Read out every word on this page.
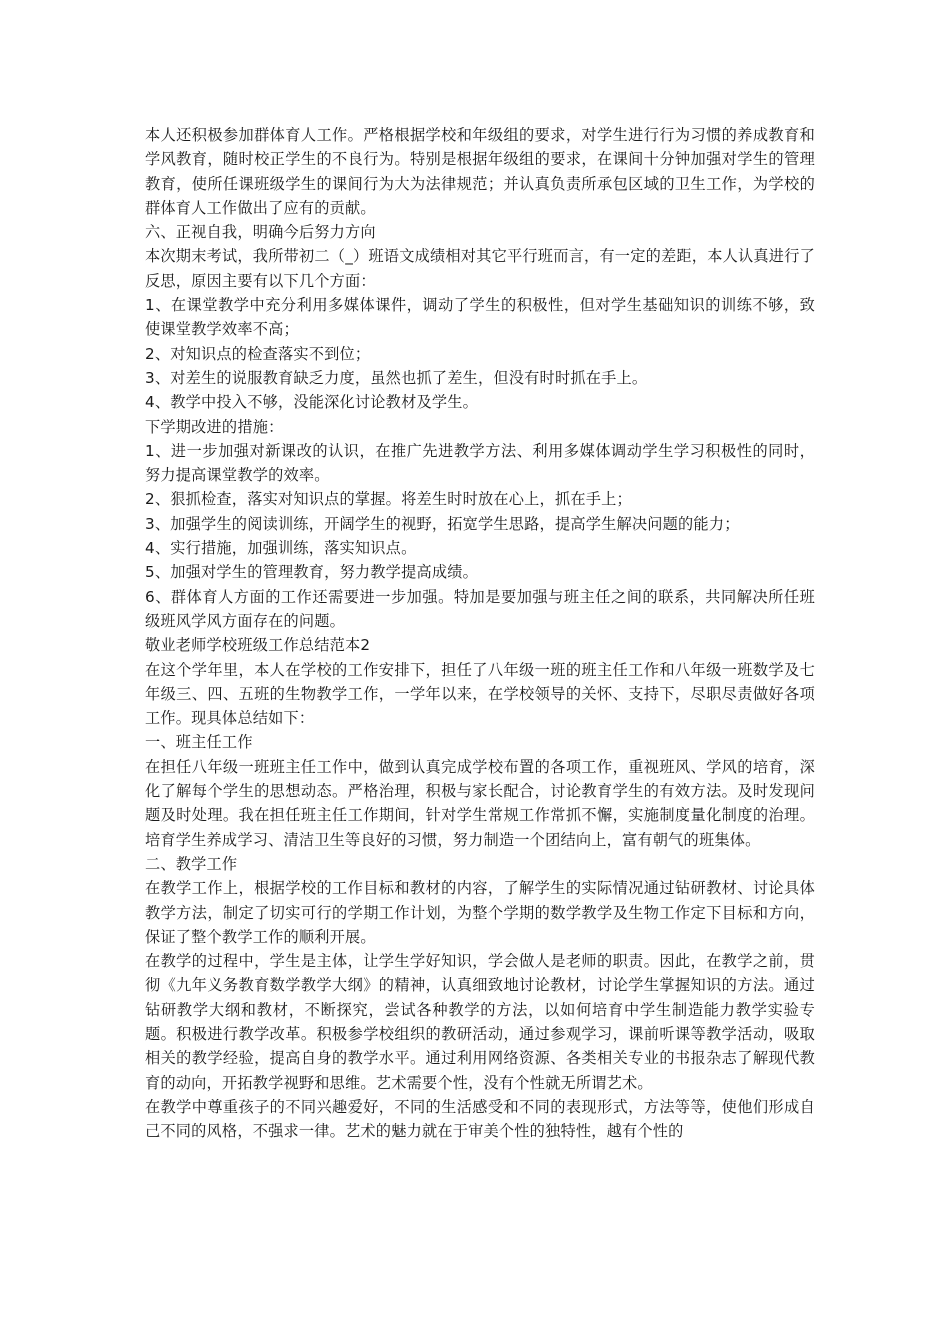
本人还积极参加群体育人工作。严格根据学校和年级组的要求，对学生进行行为习惯的养成教育和学风教育，随时校正学生的不良行为。特别是根据年级组的要求，在课间十分钟加强对学生的管理教育，使所任课班级学生的课间行为大为法律规范；并认真负责所承包区域的卫生工作，为学校的群体育人工作做出了应有的贡献。

六、正视自我，明确今后努力方向

本次期末考试，我所带初二（_）班语文成绩相对其它平行班而言，有一定的差距，本人认真进行了反思，原因主要有以下几个方面：

1、在课堂教学中充分利用多媒体课件，调动了学生的积极性，但对学生基础知识的训练不够，致使课堂教学效率不高；

2、对知识点的检查落实不到位；

3、对差生的说服教育缺乏力度，虽然也抓了差生，但没有时时抓在手上。

4、教学中投入不够，没能深化讨论教材及学生。

下学期改进的措施：

1、进一步加强对新课改的认识，在推广先进教学方法、利用多媒体调动学生学习积极性的同时，努力提高课堂教学的效率。

2、狠抓检查，落实对知识点的掌握。将差生时时放在心上，抓在手上；

3、加强学生的阅读训练，开阔学生的视野，拓宽学生思路，提高学生解决问题的能力；

4、实行措施，加强训练，落实知识点。

5、加强对学生的管理教育，努力教学提高成绩。

6、群体育人方面的工作还需要进一步加强。特加是要加强与班主任之间的联系，共同解决所任班级班风学风方面存在的问题。

敬业老师学校班级工作总结范本2

在这个学年里，本人在学校的工作安排下，担任了八年级一班的班主任工作和八年级一班数学及七年级三、四、五班的生物教学工作，一学年以来，在学校领导的关怀、支持下，尽职尽责做好各项工作。现具体总结如下：

一、班主任工作

在担任八年级一班班主任工作中，做到认真完成学校布置的各项工作，重视班风、学风的培育，深化了解每个学生的思想动态。严格治理，积极与家长配合，讨论教育学生的有效方法。及时发现问题及时处理。我在担任班主任工作期间，针对学生常规工作常抓不懈，实施制度量化制度的治理。培育学生养成学习、清洁卫生等良好的习惯，努力制造一个团结向上，富有朝气的班集体。

二、教学工作

在教学工作上，根据学校的工作目标和教材的内容，了解学生的实际情况通过钻研教材、讨论具体教学方法，制定了切实可行的学期工作计划，为整个学期的数学教学及生物工作定下目标和方向，保证了整个教学工作的顺利开展。

在教学的过程中，学生是主体，让学生学好知识，学会做人是老师的职责。因此，在教学之前，贯彻《九年义务教育数学教学大纲》的精神，认真细致地讨论教材，讨论学生掌握知识的方法。通过钻研教学大纲和教材，不断探究，尝试各种教学的方法，以如何培育中学生制造能力教学实验专题。积极进行教学改革。积极参学校组织的教研活动，通过参观学习，课前听课等教学活动，吸取相关的教学经验，提高自身的教学水平。通过利用网络资源、各类相关专业的书报杂志了解现代教育的动向，开拓教学视野和思维。艺术需要个性，没有个性就无所谓艺术。

在教学中尊重孩子的不同兴趣爱好，不同的生活感受和不同的表现形式，方法等等，使他们形成自己不同的风格，不强求一律。艺术的魅力就在于审美个性的独特性，越有个性的
